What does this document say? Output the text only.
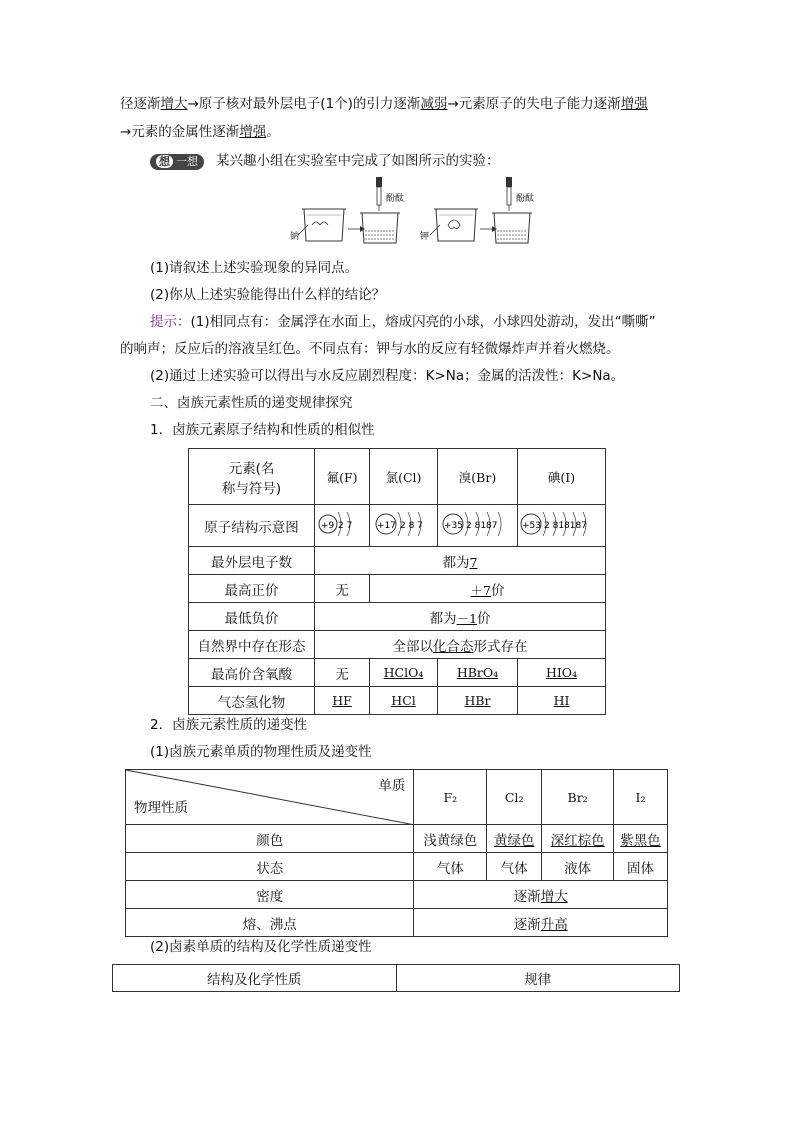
径逐渐增大→原子核对最外层电子(1个)的引力逐渐减弱→元素原子的失电子能力逐渐增强
→元素的金属性逐渐增强。
想 一想 某兴趣小组在实验室中完成了如图所示的实验：
钠
酚酞
钾
酚酞
(1)请叙述上述实验现象的异同点。
(2)你从上述实验能得出什么样的结论？
提示：(1)相同点有：金属浮在水面上，熔成闪亮的小球，小球四处游动，发出“嘶嘶”
的响声；反应后的溶液呈红色。不同点有：钾与水的反应有轻微爆炸声并着火燃烧。
(2)通过上述实验可以得出与水反应剧烈程度：K>Na；金属的活泼性：K>Na。
二、卤族元素性质的递变规律探究
1．卤族元素原子结构和性质的相似性
元素(名
称与符号)	氟(F)	氯(Cl)	溴(Br)	碘(I)
原子结构示意图	+9 2 7	+17 2 8 7	+35 2 8187	+53 2 818187

最外层电子数	都为7			
最高正价	无	＋7价		
最低负价	都为－1价			
自然界中存在形态	全部以化合态形式存在			
最高价含氧酸	无	HClO₄	HBrO₄	HIO₄
气态氢化物	HF	HCl	HBr	HI
2．卤族元素性质的递变性
(1)卤族元素单质的物理性质及递变性
单质
物理性质	F₂	Cl₂	Br₂	I₂
颜色	浅黄绿色	黄绿色	深红棕色	紫黑色
状态	气体	气体	液体	固体
密度	逐渐增大			
熔、沸点	逐渐升高			
(2)卤素单质的结构及化学性质递变性
结构及化学性质	规律
